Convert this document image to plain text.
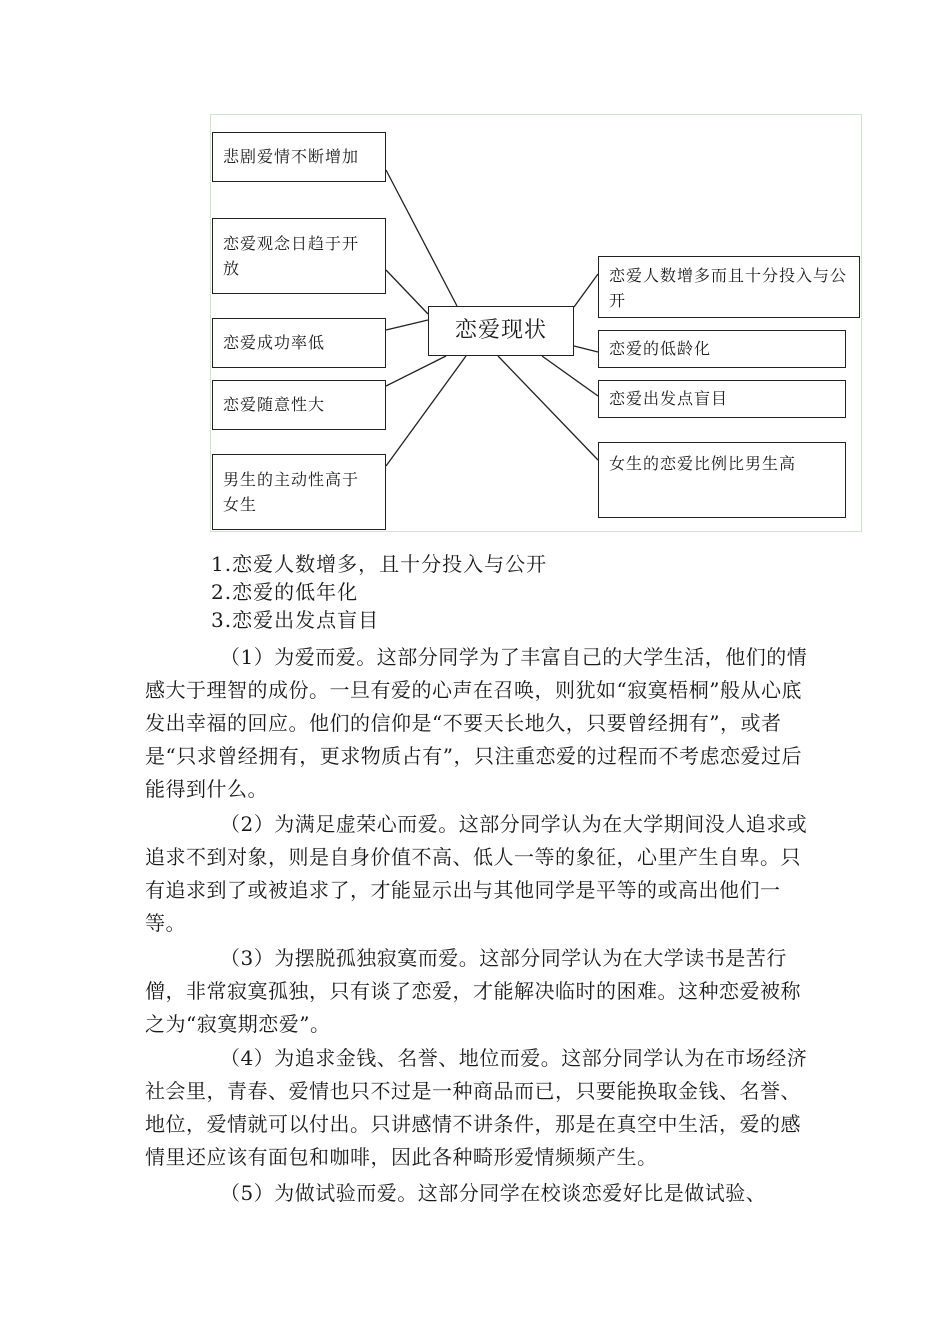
悲剧爱情不断增加
恋爱观念日趋于开放
恋爱成功率低
恋爱随意性大
男生的主动性高于女生
恋爱现状
恋爱人数增多而且十分投入与公开
恋爱的低龄化
恋爱出发点盲目
女生的恋爱比例比男生高
1.恋爱人数增多，且十分投入与公开
2.恋爱的低年化
3.恋爱出发点盲目

（1）为爱而爱。这部分同学为了丰富自己的大学生活，他们的情感大于理智的成份。一旦有爱的心声在召唤，则犹如“寂寞梧桐”般从心底发出幸福的回应。他们的信仰是“不要天长地久，只要曾经拥有”，或者是“只求曾经拥有，更求物质占有”，只注重恋爱的过程而不考虑恋爱过后能得到什么。

（2）为满足虚荣心而爱。这部分同学认为在大学期间没人追求或追求不到对象，则是自身价值不高、低人一等的象征，心里产生自卑。只有追求到了或被追求了，才能显示出与其他同学是平等的或高出他们一等。

（3）为摆脱孤独寂寞而爱。这部分同学认为在大学读书是苦行僧，非常寂寞孤独，只有谈了恋爱，才能解决临时的困难。这种恋爱被称之为“寂寞期恋爱”。

（4）为追求金钱、名誉、地位而爱。这部分同学认为在市场经济社会里，青春、爱情也只不过是一种商品而已，只要能换取金钱、名誉、地位，爱情就可以付出。只讲感情不讲条件，那是在真空中生活，爱的感情里还应该有面包和咖啡，因此各种畸形爱情频频产生。

（5）为做试验而爱。这部分同学在校谈恋爱好比是做试验、
